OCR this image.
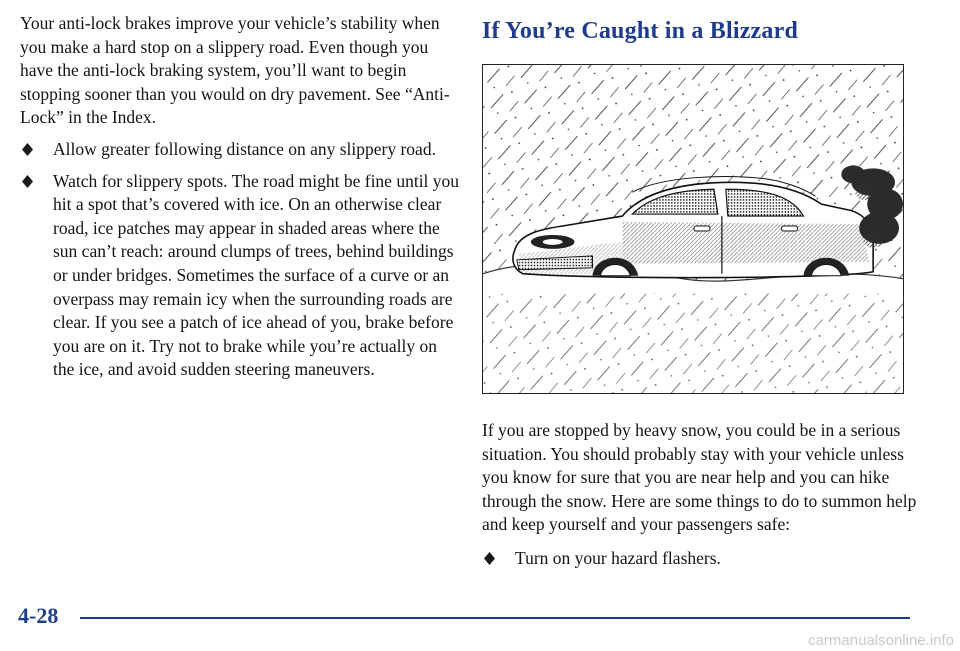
Your anti-lock brakes improve your vehicle’s stability when you make a hard stop on a slippery road. Even though you have the anti-lock braking system, you’ll want to begin stopping sooner than you would on dry pavement. See “Anti-Lock” in the Index.

Allow greater following distance on any slippery road.
Watch for slippery spots. The road might be fine until you hit a spot that’s covered with ice. On an otherwise clear road, ice patches may appear in shaded areas where the sun can’t reach: around clumps of trees, behind buildings or under bridges. Sometimes the surface of a curve or an overpass may remain icy when the surrounding roads are clear. If you see a patch of ice ahead of you, brake before you are on it. Try not to brake while you’re actually on the ice, and avoid sudden steering maneuvers.
If You’re Caught in a Blizzard

If you are stopped by heavy snow, you could be in a serious situation. You should probably stay with your vehicle unless you know for sure that you are near help and you can hike through the snow. Here are some things to do to summon help and keep yourself and your passengers safe:

Turn on your hazard flashers.
4-28
carmanualsonline.info
